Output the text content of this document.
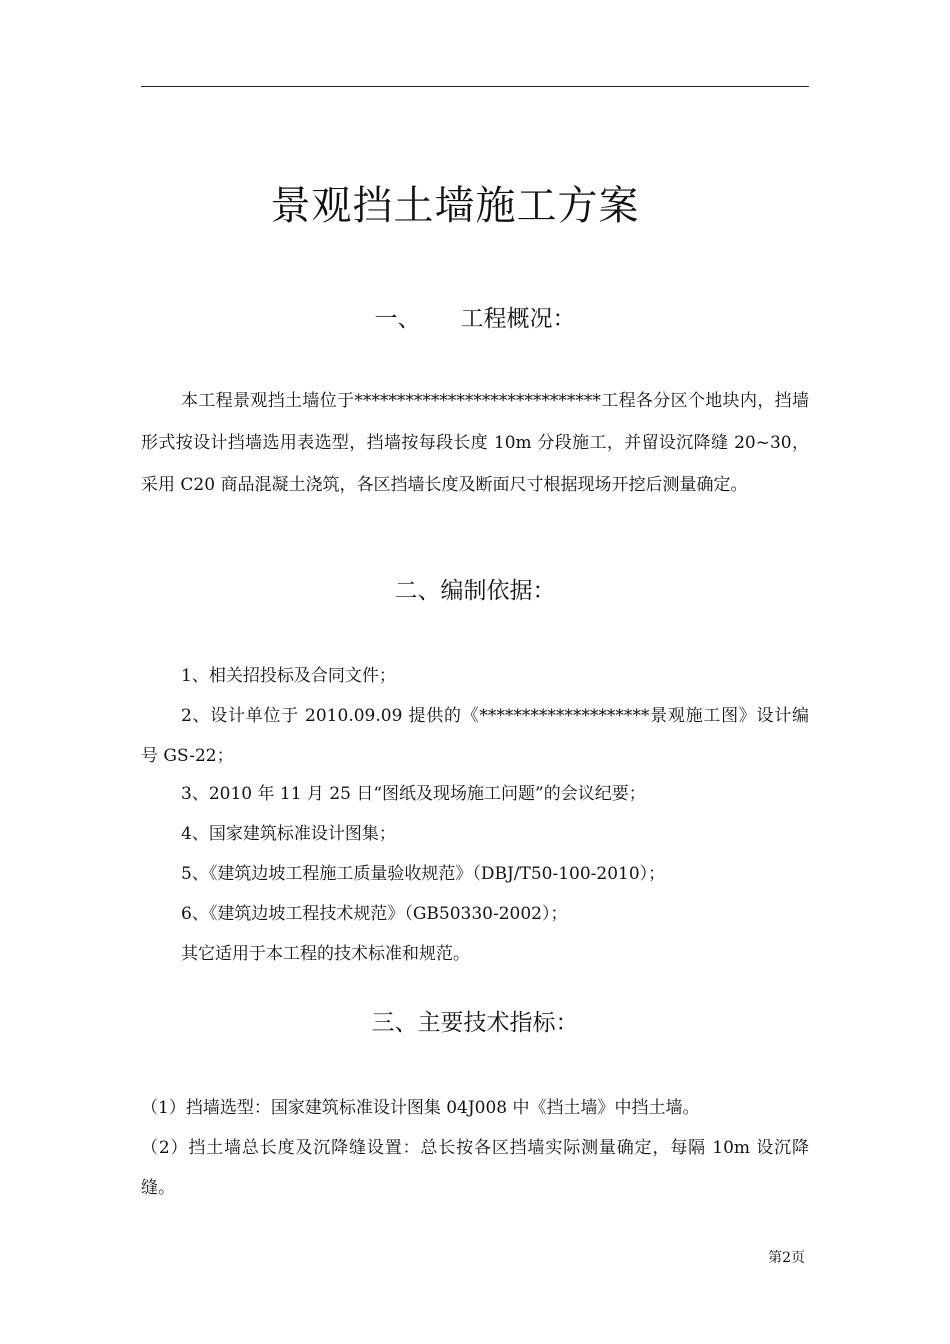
景观挡土墙施工方案
一、 工程概况：
本工程景观挡土墙位于*****************************工程各分区个地块内，挡墙形式按设计挡墙选用表选型，挡墙按每段长度 10m 分段施工，并留设沉降缝 20~30，采用 C20 商品混凝土浇筑，各区挡墙长度及断面尺寸根据现场开挖后测量确定。
二、编制依据：
1、相关招投标及合同文件；
2、设计单位于 2010.09.09 提供的《********************景观施工图》设计编号 GS-22；
3、2010 年 11 月 25 日“图纸及现场施工问题”的会议纪要；
4、国家建筑标准设计图集；
5、《建筑边坡工程施工质量验收规范》（DBJ/T50-100-2010）；
6、《建筑边坡工程技术规范》（GB50330-2002）；
其它适用于本工程的技术标准和规范。
三、主要技术指标：
（1）挡墙选型：国家建筑标准设计图集 04J008 中《挡土墙》中挡土墙。
（2）挡土墙总长度及沉降缝设置：总长按各区挡墙实际测量确定，每隔 10m 设沉降缝。
第2页
